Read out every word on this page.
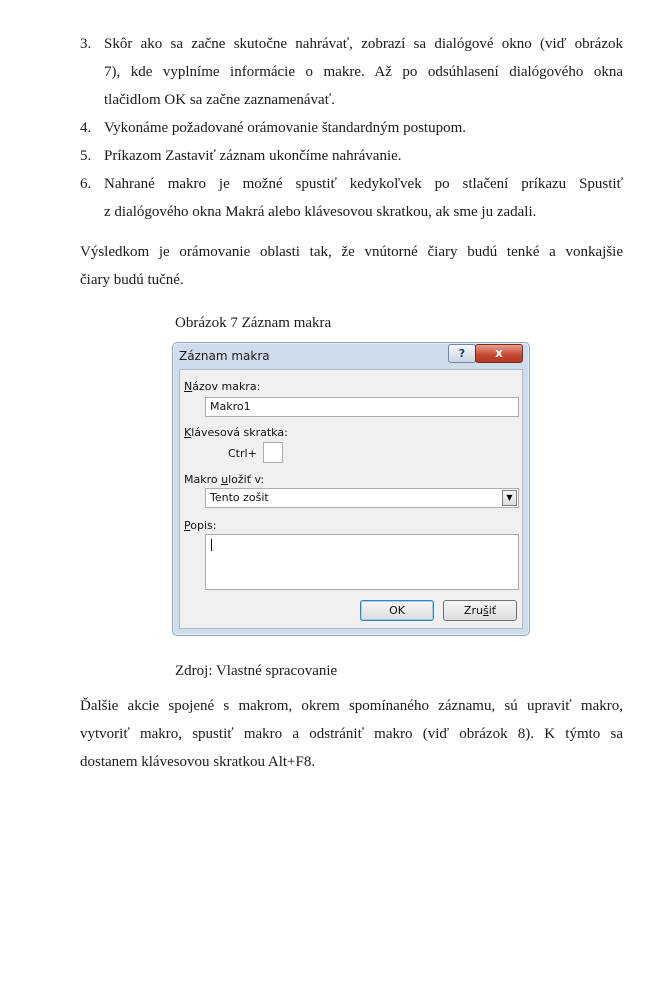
3. Skôr ako sa začne skutočne nahrávať, zobrazí sa dialógové okno (viď obrázok
7), kde vyplníme informácie o makre. Až po odsúhlasení dialógového okna
tlačidlom OK sa začne zaznamenávať.
4. Vykonáme požadované orámovanie štandardným postupom.
5. Príkazom Zastaviť záznam ukončíme nahrávanie.
6. Nahrané makro je možné spustiť kedykoľvek po stlačení príkazu Spustiť
z dialógového okna Makrá alebo klávesovou skratkou, ak sme ju zadali.
Výsledkom je orámovanie oblasti tak, že vnútorné čiary budú tenké a vonkajšie
čiary budú tučné.
Obrázok 7 Záznam makra
Záznam makra	?	x
Názov makra:
Makro1
Klávesová skratka:
Ctrl+
Makro uložiť v:
Tento zošit	▼
Popis:
OK	Zrušiť
Zdroj: Vlastné spracovanie
Ďalšie akcie spojené s makrom, okrem spomínaného záznamu, sú upraviť makro,
vytvoriť makro, spustiť makro a odstrániť makro (viď obrázok 8). K týmto sa
dostanem klávesovou skratkou Alt+F8.
